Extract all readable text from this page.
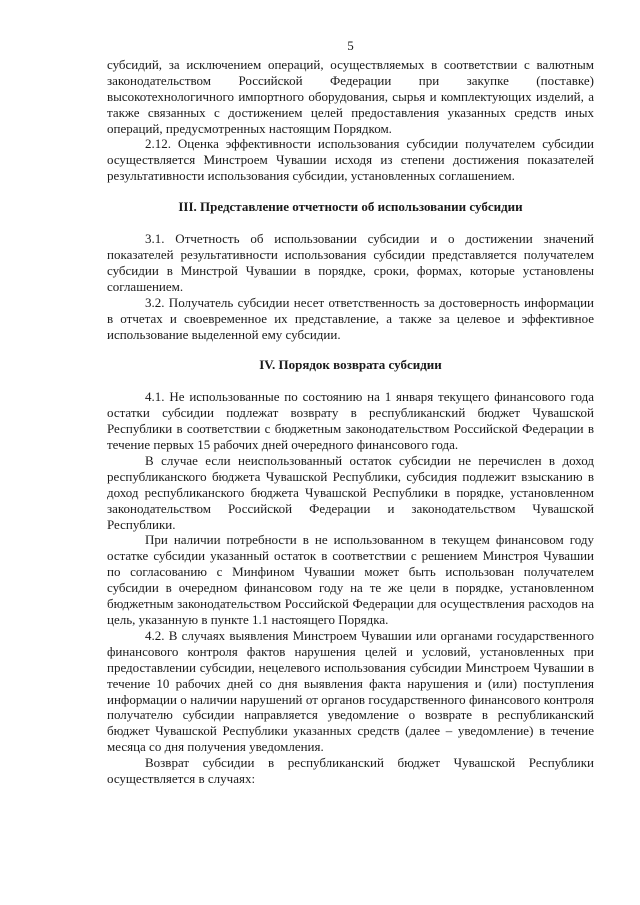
5

субсидий, за исключением операций, осуществляемых в соответствии с валютным законодательством Российской Федерации при закупке (поставке) высокотехнологичного импортного оборудования, сырья и комплектующих изделий, а также связанных с достижением целей предоставления указанных средств иных операций, предусмотренных настоящим Порядком.

2.12. Оценка эффективности использования субсидии получателем субсидии осуществляется Минстроем Чувашии исходя из степени достижения показателей результативности использования субсидии, установленных соглашением.

III. Представление отчетности об использовании субсидии

3.1. Отчетность об использовании субсидии и о достижении значений показателей результативности использования субсидии представляется получателем субсидии в Минстрой Чувашии в порядке, сроки, формах, которые установлены соглашением.

3.2. Получатель субсидии несет ответственность за достоверность информации в отчетах и своевременное их представление, а также за целевое и эффективное использование выделенной ему субсидии.

IV. Порядок возврата субсидии

4.1. Не использованные по состоянию на 1 января текущего финансового года остатки субсидии подлежат возврату в республиканский бюджет Чувашской Республики в соответствии с бюджетным законодательством Российской Федерации в течение первых 15 рабочих дней очередного финансового года.

В случае если неиспользованный остаток субсидии не перечислен в доход республиканского бюджета Чувашской Республики, субсидия подлежит взысканию в доход республиканского бюджета Чувашской Республики в порядке, установленном законодательством Российской Федерации и законодательством Чувашской Республики.

При наличии потребности в не использованном в текущем финансовом году остатке субсидии указанный остаток в соответствии с решением Минстроя Чувашии по согласованию с Минфином Чувашии может быть использован получателем субсидии в очередном финансовом году на те же цели в порядке, установленном бюджетным законодательством Российской Федерации для осуществления расходов на цель, указанную в пункте 1.1 настоящего Порядка.

4.2. В случаях выявления Минстроем Чувашии или органами государственного финансового контроля фактов нарушения целей и условий, установленных при предоставлении субсидии, нецелевого использования субсидии Минстроем Чувашии в течение 10 рабочих дней со дня выявления факта нарушения и (или) поступления информации о наличии нарушений от органов государственного финансового контроля получателю субсидии направляется уведомление о возврате в республиканский бюджет Чувашской Республики указанных средств (далее – уведомление) в течение месяца со дня получения уведомления.

Возврат субсидии в республиканский бюджет Чувашской Республики осуществляется в случаях:
